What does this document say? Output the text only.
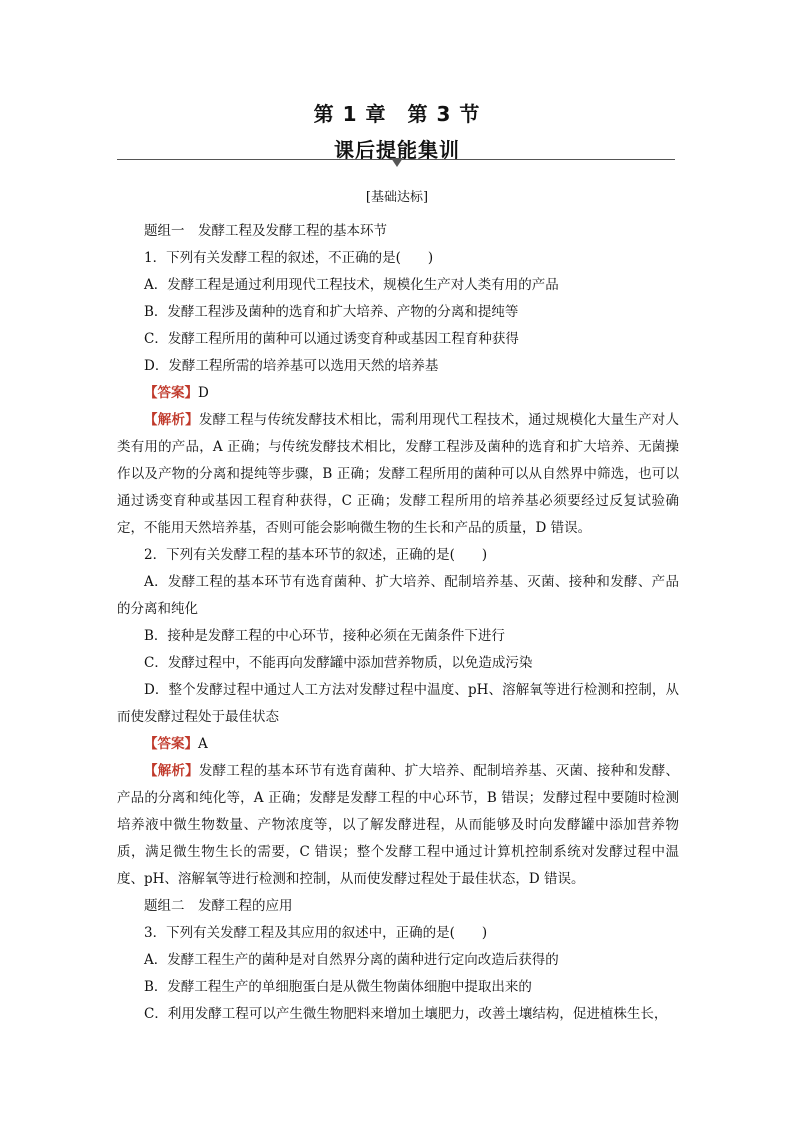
第 1 章　第 3 节
课后提能集训
[基础达标]

题组一　发酵工程及发酵工程的基本环节

1．下列有关发酵工程的叙述，不正确的是(　　)

A．发酵工程是通过利用现代工程技术，规模化生产对人类有用的产品

B．发酵工程涉及菌种的选育和扩大培养、产物的分离和提纯等

C．发酵工程所用的菌种可以通过诱变育种或基因工程育种获得

D．发酵工程所需的培养基可以选用天然的培养基

【答案】D

【解析】发酵工程与传统发酵技术相比，需利用现代工程技术，通过规模化大量生产对人类有用的产品，A 正确；与传统发酵技术相比，发酵工程涉及菌种的选育和扩大培养、无菌操作以及产物的分离和提纯等步骤，B 正确；发酵工程所用的菌种可以从自然界中筛选，也可以通过诱变育种或基因工程育种获得，C 正确；发酵工程所用的培养基必须要经过反复试验确定，不能用天然培养基，否则可能会影响微生物的生长和产品的质量，D 错误。

2．下列有关发酵工程的基本环节的叙述，正确的是(　　)

A．发酵工程的基本环节有选育菌种、扩大培养、配制培养基、灭菌、接种和发酵、产品的分离和纯化

B．接种是发酵工程的中心环节，接种必须在无菌条件下进行

C．发酵过程中，不能再向发酵罐中添加营养物质，以免造成污染

D．整个发酵过程中通过人工方法对发酵过程中温度、pH、溶解氧等进行检测和控制，从而使发酵过程处于最佳状态

【答案】A

【解析】发酵工程的基本环节有选育菌种、扩大培养、配制培养基、灭菌、接种和发酵、产品的分离和纯化等，A 正确；发酵是发酵工程的中心环节，B 错误；发酵过程中要随时检测培养液中微生物数量、产物浓度等，以了解发酵进程，从而能够及时向发酵罐中添加营养物质，满足微生物生长的需要，C 错误；整个发酵工程中通过计算机控制系统对发酵过程中温度、pH、溶解氧等进行检测和控制，从而使发酵过程处于最佳状态，D 错误。

题组二　发酵工程的应用

3．下列有关发酵工程及其应用的叙述中，正确的是(　　)

A．发酵工程生产的菌种是对自然界分离的菌种进行定向改造后获得的

B．发酵工程生产的单细胞蛋白是从微生物菌体细胞中提取出来的

C．利用发酵工程可以产生微生物肥料来增加土壤肥力，改善土壤结构，促进植株生长，
